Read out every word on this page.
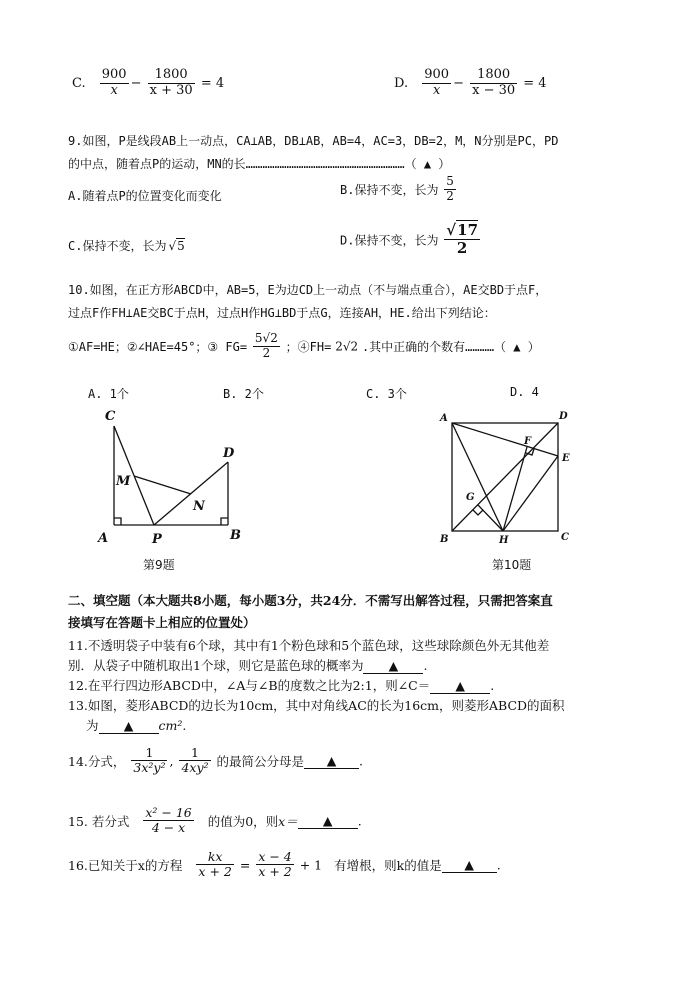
C. $\frac{900}{x} - \frac{1800}{x + 30} = 4$	D. $\frac{900}{x} - \frac{1800}{x - 30} = 4$
9.如图，P是线段AB上一动点，CA⊥AB，DB⊥AB，AB=4，AC=3，DB=2，M，N分别是PC，PD
的中点，随着点P的运动，MN的长…………………………………………………………（ ▲ ）
A.随着点P的位置变化而变化	B.保持不变，长为 $\frac{5}{2}$
C.保持不变，长为 √5	D.保持不变，长为 $\frac{√17}{2}$
10.如图，在正方形ABCD中，AB=5，E为边CD上一动点（不与端点重合），AE交BD于点F，
过点F作FH⊥AE交BC于点H，过点H作HG⊥BD于点G，连接AH，HE.给出下列结论：
①AF=HE；②∠HAE=45°；③ $FG= \frac{5√2}{2}$ ；④FH= 2√2 .其中正确的个数有…………（ ▲ ）
A. 1个	B. 2个	C. 3个	D. 4
C
M
A	P
N
D
B
第9题
A	D
F
E
G
B	H	C
第10题
二、填空题（本大题共8小题，每小题3分，共24分．不需写出解答过程，只需把答案直
接填写在答题卡上相应的位置处）
11.不透明袋子中装有6个球，其中有1个粉色球和5个蓝色球，这些球除颜色外无其他差
别．从袋子中随机取出1个球，则它是蓝色球的概率为 ▲ .
12.在平行四边形ABCD中，∠A与∠B的度数之比为2:1，则∠C＝ ▲ .
13.如图，菱形ABCD的边长为10cm，其中对角线AC的长为16cm，则菱形ABCD的面积
为 ▲ cm².
14.分式， $\frac{1}{\text{3x²y²}}$ , $\frac{1}{\text{4xy²}}$ 的最简公分母是 ▲ .
15. 若分式 $\frac{\text{x² − 16}}{4 - x}$ 的值为0，则x＝ ▲ .
16.已知关于x的方程 $\frac{kx}{x + 2} = \frac{x - 4}{x + 2} + 1$ 有增根，则k的值是 ▲ .
